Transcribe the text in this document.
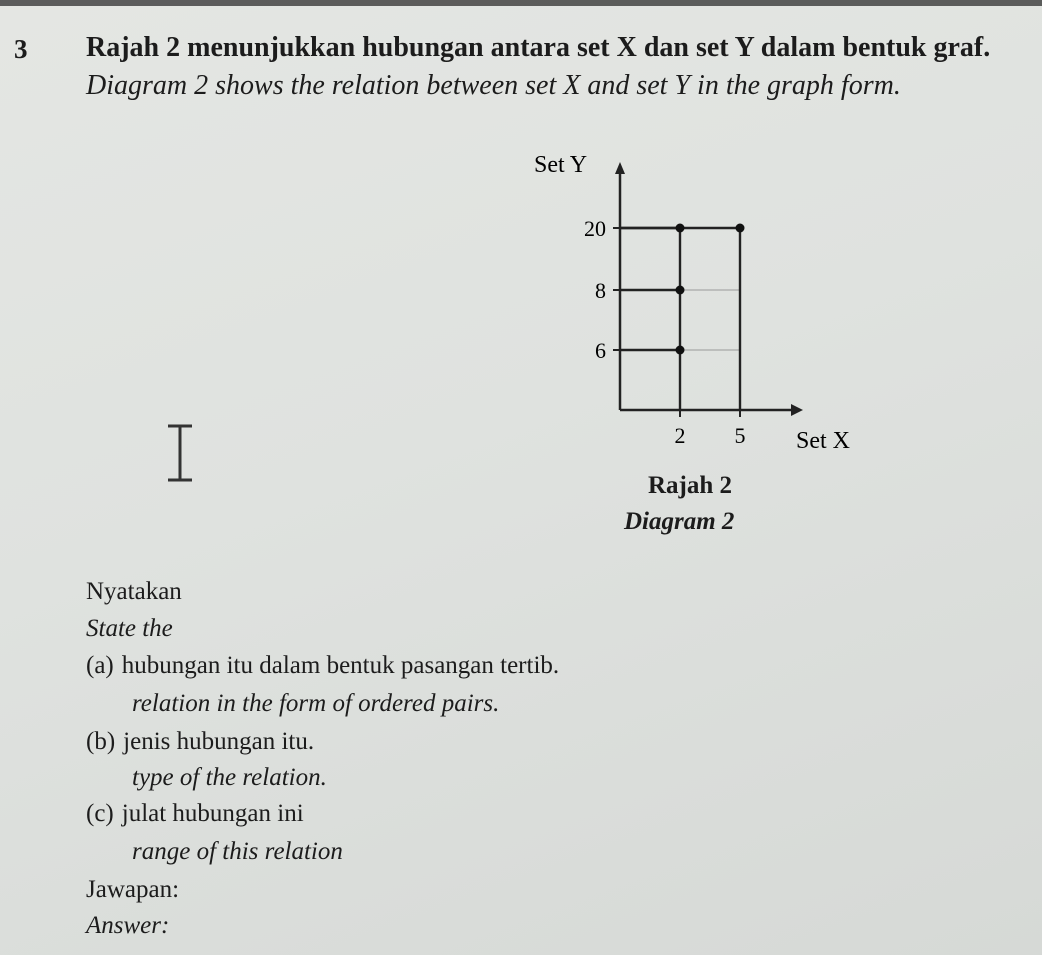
3 Rajah 2 menunjukkan hubungan antara set X dan set Y dalam bentuk graf.
Diagram 2 shows the relation between set X and set Y in the graph form.
2 5
6
8
20
Set Y
Set X
Rajah 2
Diagram 2
Nyatakan
State the
(a) hubungan itu dalam bentuk pasangan tertib.
relation in the form of ordered pairs.
(b) jenis hubungan itu.
type of the relation.
(c) julat hubungan ini
range of this relation
Jawapan:
Answer:
